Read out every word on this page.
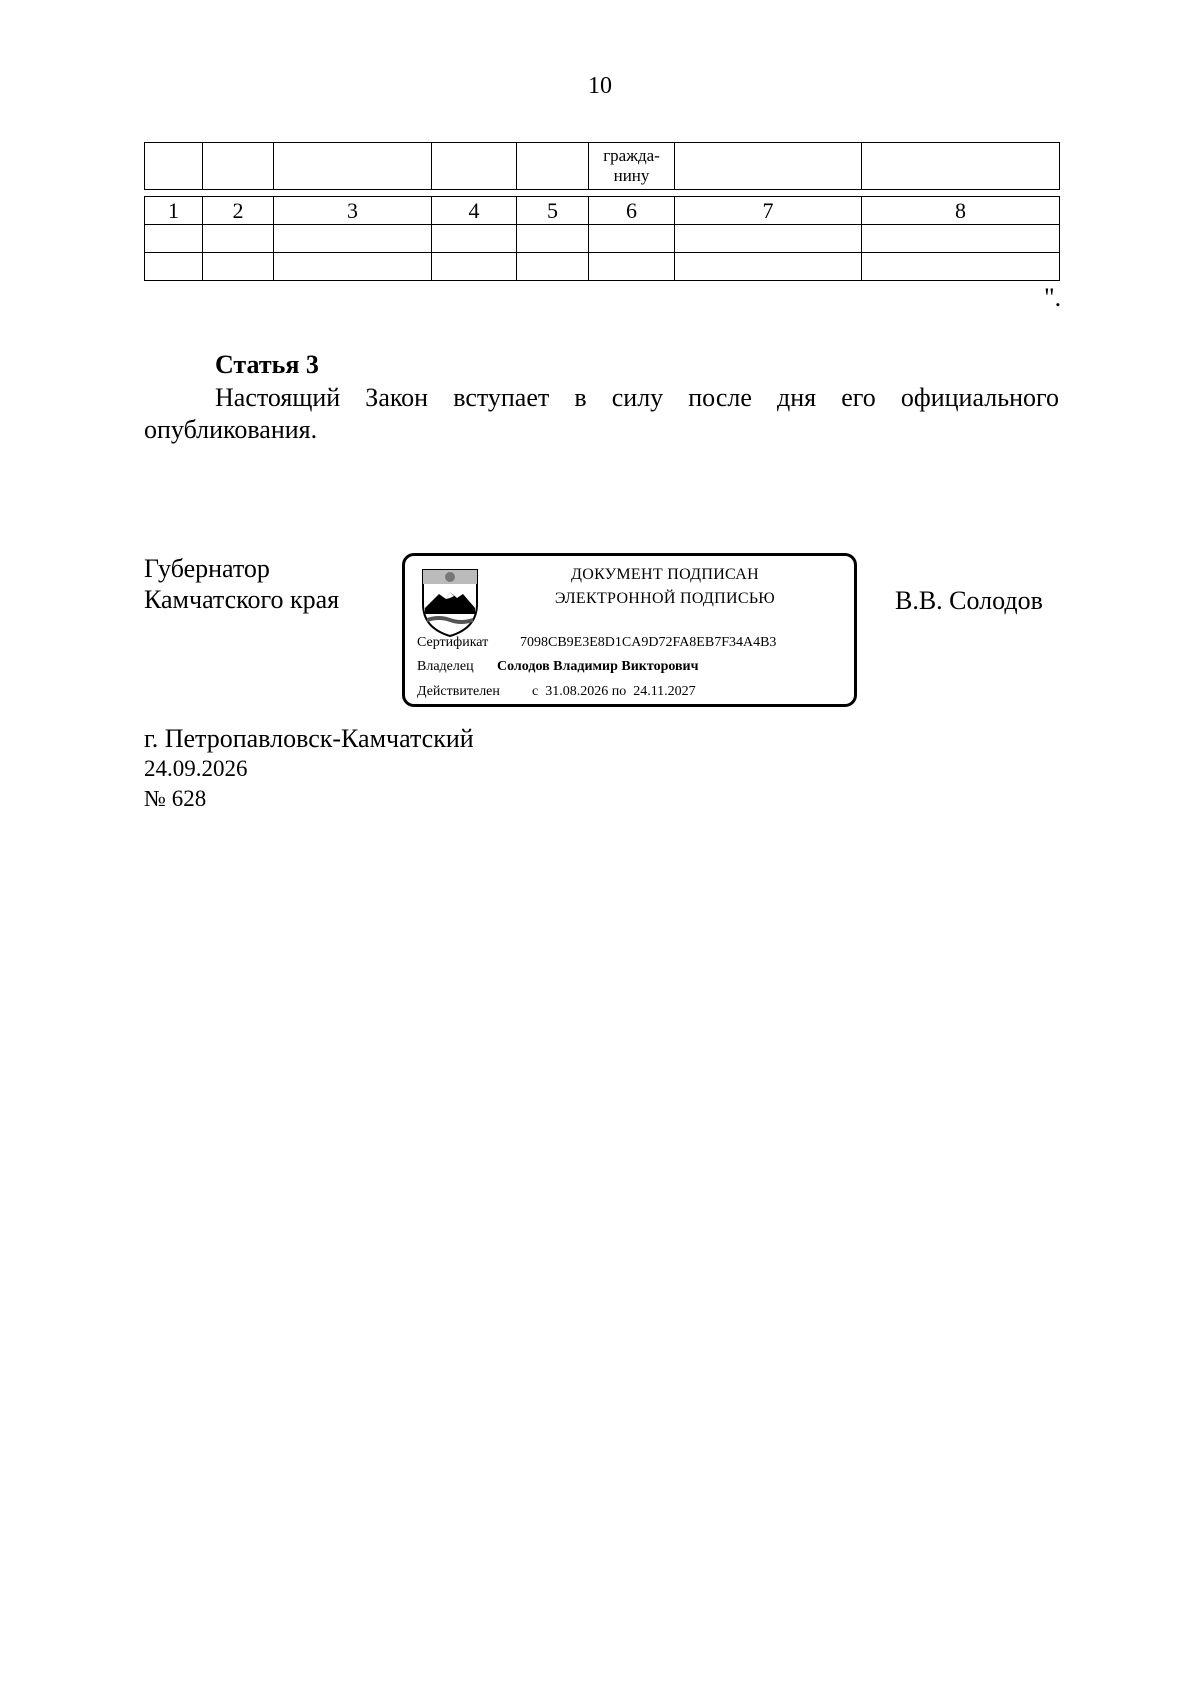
10
					гражда-
нину		
1	2	3	4	5	6	7	8

".
Статья 3
Настоящий Закон вступает в силу после дня его официального
опубликования.
Губернатор
Камчатского края
ДОКУМЕНТ ПОДПИСАН
ЭЛЕКТРОННОЙ ПОДПИСЬЮ
Сертификат 7098CB9E3E8D1CA9D72FA8EB7F34A4B3
Владелец Солодов Владимир Викторович
Действителен с  31.08.2026 по  24.11.2027
В.В. Солодов
г. Петропавловск-Камчатский
24.09.2026
№ 628
